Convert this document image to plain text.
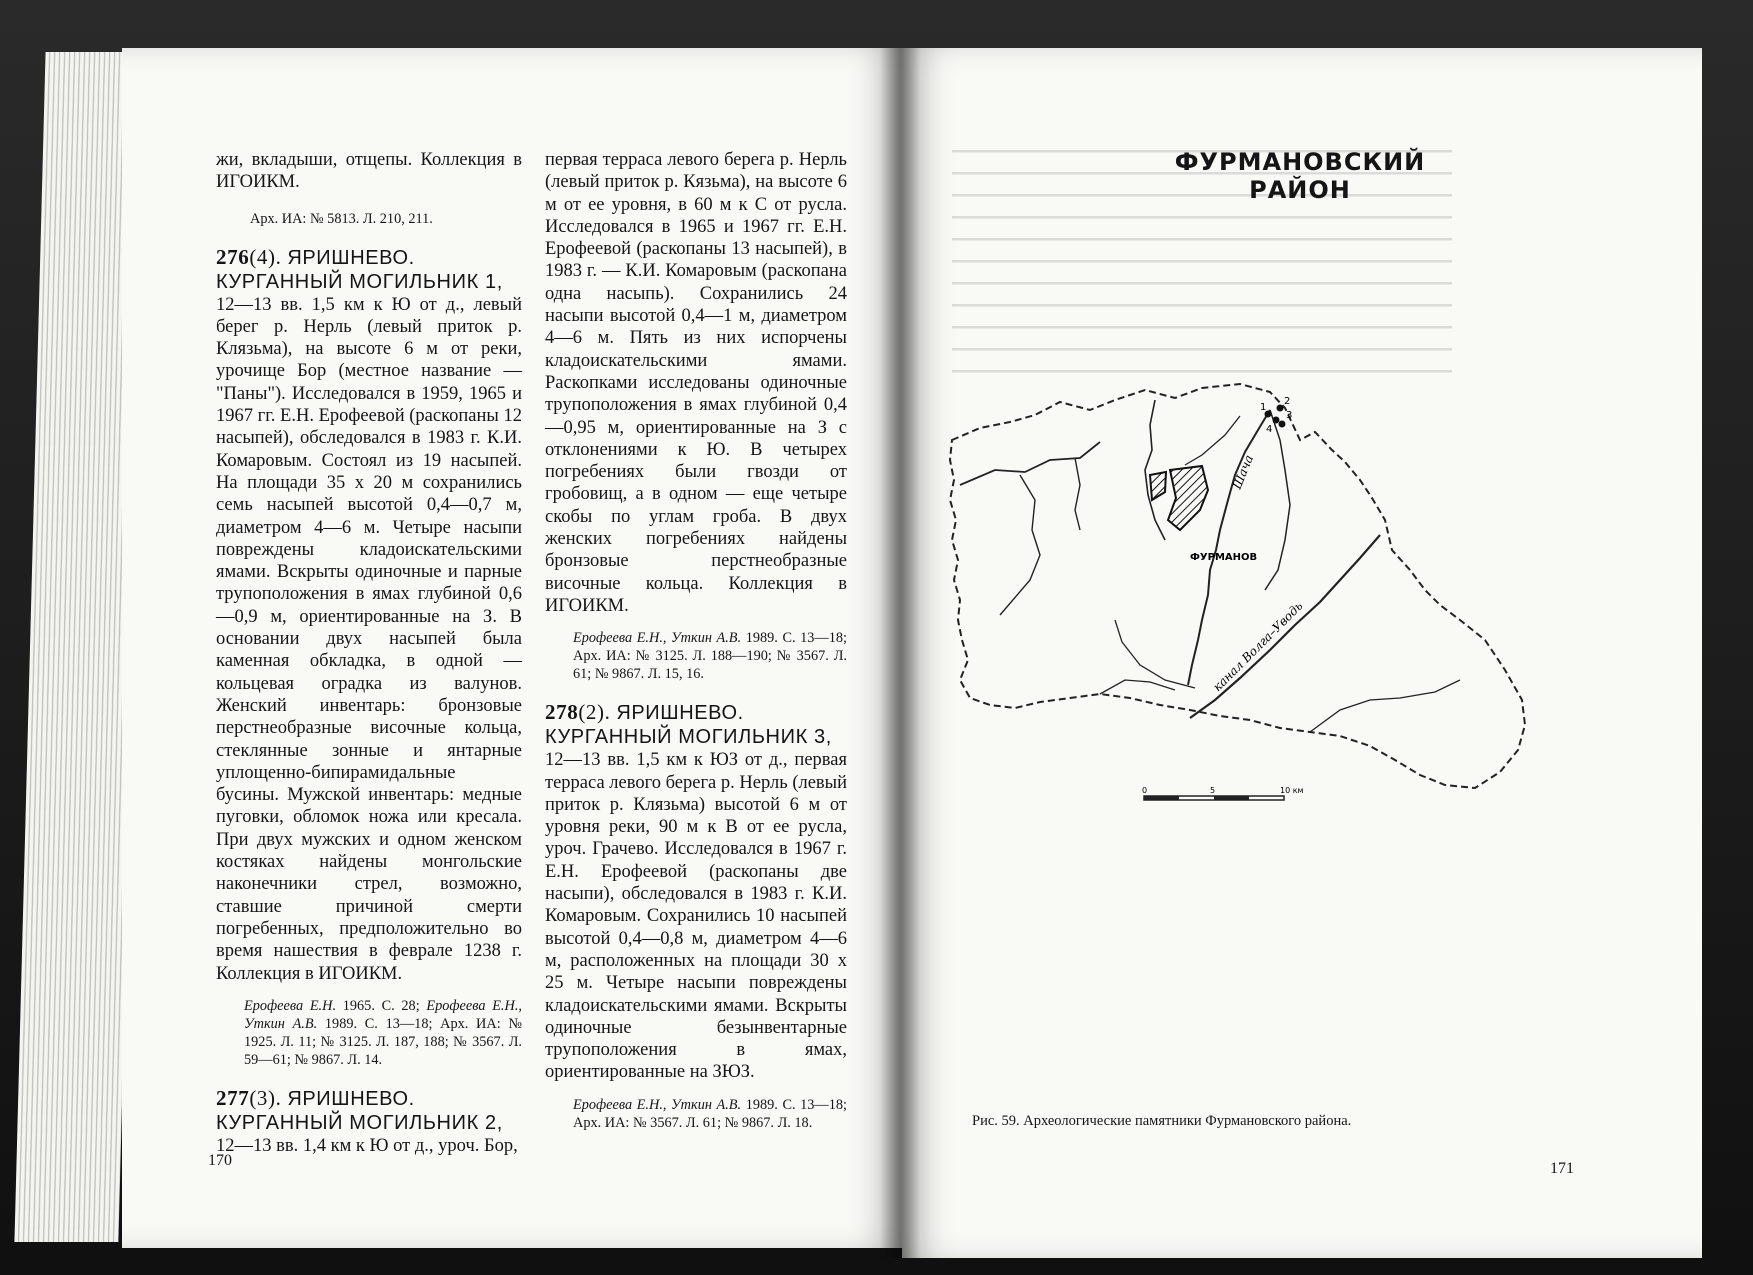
жи, вкладыши, отщепы. Коллекция в ИГОИКМ.

Арх. ИА: № 5813. Л. 210, 211.

276(4). ЯРИШНЕВО. КУРГАННЫЙ МОГИЛЬНИК 1,

12—13 вв. 1,5 км к Ю от д., левый берег р. Нерль (левый приток р. Клязьма), на высоте 6 м от реки, урочище Бор (местное название — "Паны"). Исследовался в 1959, 1965 и 1967 гг. Е.Н. Ерофеевой (раскопаны 12 насыпей), обследовался в 1983 г. К.И. Комаровым. Состоял из 19 насыпей. На площади 35 х 20 м сохранились семь насыпей высотой 0,4—0,7 м, диаметром 4—6 м. Четыре насыпи повреждены кладоискательскими ямами. Вскрыты одиночные и парные трупоположения в ямах глубиной 0,6—0,9 м, ориентированные на З. В основании двух насыпей была каменная обкладка, в одной — кольцевая оградка из валунов. Женский инвентарь: бронзовые перстнеобразные височные кольца, стеклянные зонные и янтарные уплощенно-бипирамидальные бусины. Мужской инвентарь: медные пуговки, обломок ножа или кресала. При двух мужских и одном женском костяках найдены монгольские наконечники стрел, возможно, ставшие причиной смерти погребенных, предположительно во время нашествия в феврале 1238 г. Коллекция в ИГОИКМ.

Ерофеева Е.Н. 1965. С. 28; Ерофеева Е.Н., Уткин А.В. 1989. С. 13—18; Арх. ИА: № 1925. Л. 11; № 3125. Л. 187, 188; № 3567. Л. 59—61; № 9867. Л. 14.

277(3). ЯРИШНЕВО. КУРГАННЫЙ МОГИЛЬНИК 2,

12—13 вв. 1,4 км к Ю от д., уроч. Бор,

первая терраса левого берега р. Нерль (левый приток р. Кязьма), на высоте 6 м от ее уровня, в 60 м к С от русла. Исследовался в 1965 и 1967 гг. Е.Н. Ерофеевой (раскопаны 13 насыпей), в 1983 г. — К.И. Комаровым (раскопана одна насыпь). Сохранились 24 насыпи высотой 0,4—1 м, диаметром 4—6 м. Пять из них испорчены кладоискательскими ямами. Раскопками исследованы одиночные трупоположения в ямах глубиной 0,4—0,95 м, ориентированные на З с отклонениями к Ю. В четырех погребениях были гвозди от гробовищ, а в одном — еще четыре скобы по углам гроба. В двух женских погребениях найдены бронзовые перстнеобразные височные кольца. Коллекция в ИГОИКМ.

Ерофеева Е.Н., Уткин А.В. 1989. С. 13—18; Арх. ИА: № 3125. Л. 188—190; № 3567. Л. 61; № 9867. Л. 15, 16.

278(2). ЯРИШНЕВО. КУРГАННЫЙ МОГИЛЬНИК 3,

12—13 вв. 1,5 км к ЮЗ от д., первая терраса левого берега р. Нерль (левый приток р. Клязьма) высотой 6 м от уровня реки, 90 м к В от ее русла, уроч. Грачево. Исследовался в 1967 г. Е.Н. Ерофеевой (раскопаны две насыпи), обследовался в 1983 г. К.И. Комаровым. Сохранились 10 насыпей высотой 0,4—0,8 м, диаметром 4—6 м, расположенных на площади 30 х 25 м. Четыре насыпи повреждены кладоискательскими ямами. Вскрыты одиночные безынвентарные трупоположения в ямах, ориентированные на ЗЮЗ.

Ерофеева Е.Н., Уткин А.В. 1989. С. 13—18; Арх. ИА: № 3567. Л. 61; № 9867. Л. 18.

170
ФУРМАНОВСКИЙ РАЙОН
1
2
3
4
ФУРМАНОВ
Шача
канал Волга–Уводь
0	5	10 км
Рис. 59. Археологические памятники Фурмановского района.
171
